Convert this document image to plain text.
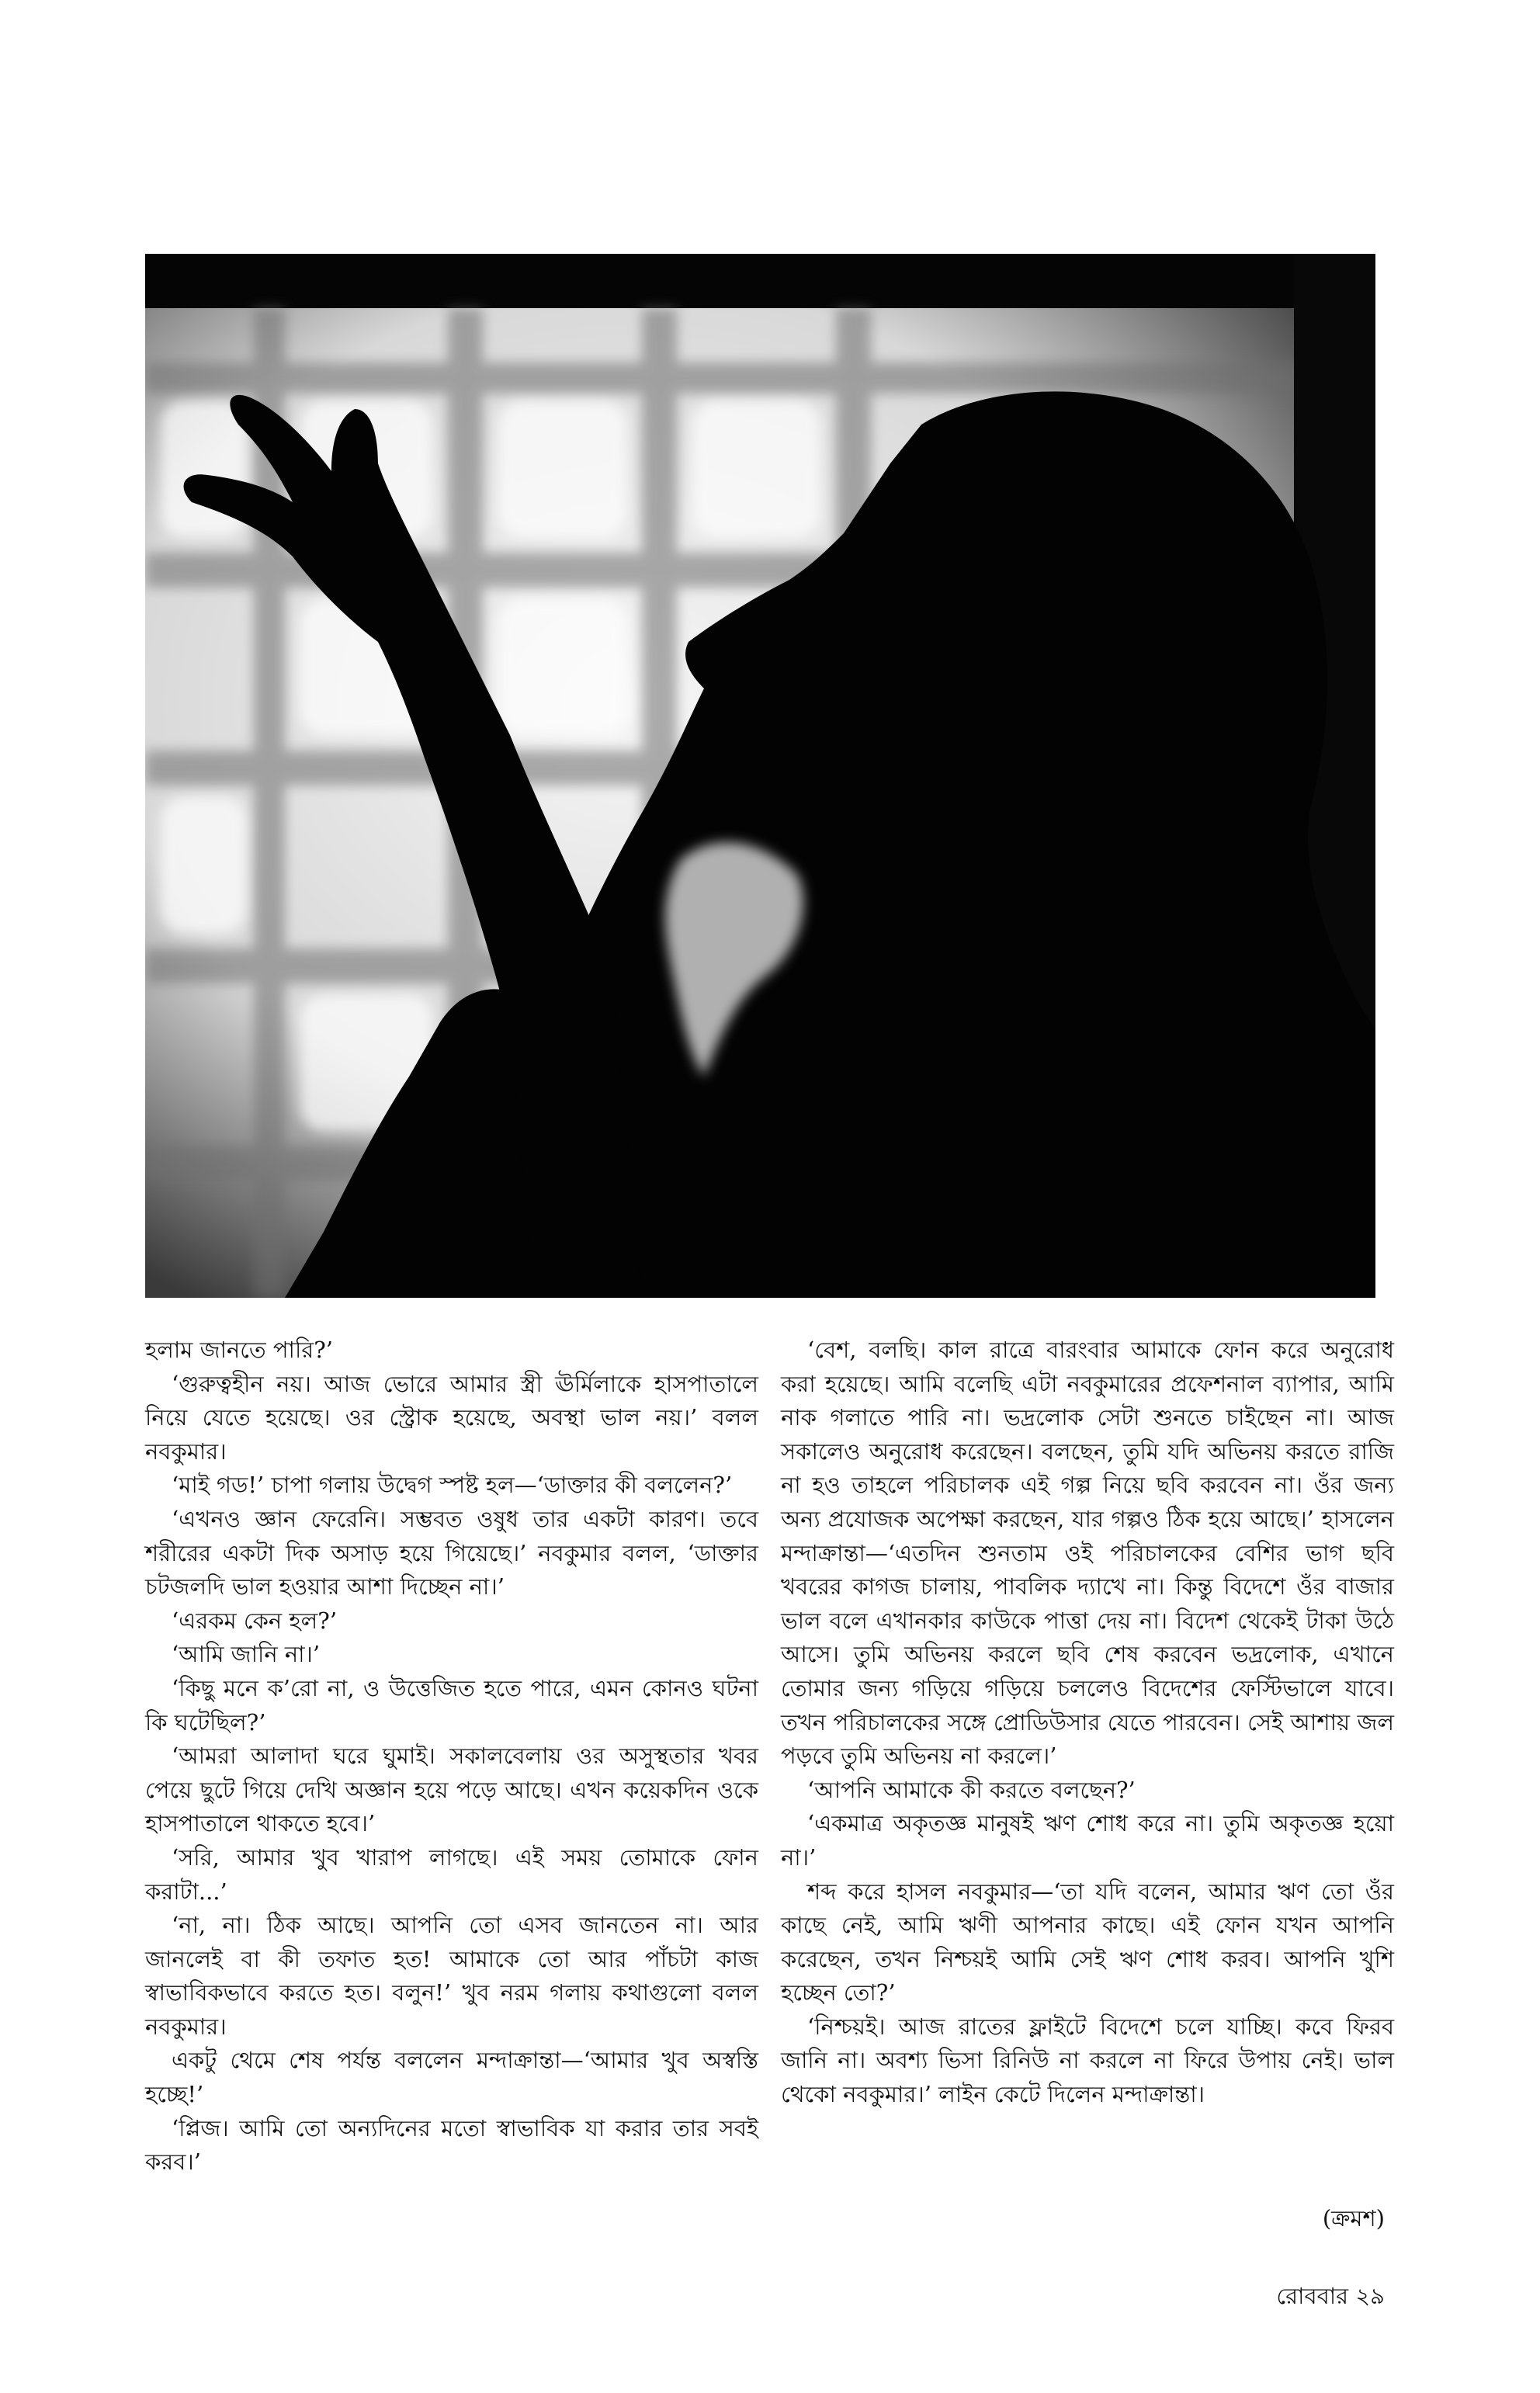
হলাম জানতে পারি?’

‘গুরুত্বহীন নয়। আজ ভোরে আমার স্ত্রী ঊর্মিলাকে হাসপাতালে নিয়ে যেতে হয়েছে। ওর স্ট্রোক হয়েছে, অবস্থা ভাল নয়।’ বলল নবকুমার।

‘মাই গড!’ চাপা গলায় উদ্বেগ স্পষ্ট হল—‘ডাক্তার কী বললেন?’

‘এখনও জ্ঞান ফেরেনি। সম্ভবত ওষুধ তার একটা কারণ। তবে শরীরের একটা দিক অসাড় হয়ে গিয়েছে।’ নবকুমার বলল, ‘ডাক্তার চটজলদি ভাল হওয়ার আশা দিচ্ছেন না।’

‘এরকম কেন হল?’

‘আমি জানি না।’

‘কিছু মনে ক’রো না, ও উত্তেজিত হতে পারে, এমন কোনও ঘটনা কি ঘটেছিল?’

‘আমরা আলাদা ঘরে ঘুমাই। সকালবেলায় ওর অসুস্থতার খবর পেয়ে ছুটে গিয়ে দেখি অজ্ঞান হয়ে পড়ে আছে। এখন কয়েকদিন ওকে হাসপাতালে থাকতে হবে।’

‘সরি, আমার খুব খারাপ লাগছে। এই সময় তোমাকে ফোন করাটা...’

‘না, না। ঠিক আছে। আপনি তো এসব জানতেন না। আর জানলেই বা কী তফাত হত! আমাকে তো আর পাঁচটা কাজ স্বাভাবিকভাবে করতে হত। বলুন!’ খুব নরম গলায় কথাগুলো বলল নবকুমার।

একটু থেমে শেষ পর্যন্ত বললেন মন্দাক্রান্তা—‘আমার খুব অস্বস্তি হচ্ছে!’

‘প্লিজ। আমি তো অন্যদিনের মতো স্বাভাবিক যা করার তার সবই করব।’

‘বেশ, বলছি। কাল রাত্রে বারংবার আমাকে ফোন করে অনুরোধ করা হয়েছে। আমি বলেছি এটা নবকুমারের প্রফেশনাল ব্যাপার, আমি নাক গলাতে পারি না। ভদ্রলোক সেটা শুনতে চাইছেন না। আজ সকালেও অনুরোধ করেছেন। বলছেন, তুমি যদি অভিনয় করতে রাজি না হও তাহলে পরিচালক এই গল্প নিয়ে ছবি করবেন না। ওঁর জন্য অন্য প্রযোজক অপেক্ষা করছেন, যার গল্পও ঠিক হয়ে আছে।’ হাসলেন মন্দাক্রান্তা—‘এতদিন শুনতাম ওই পরিচালকের বেশির ভাগ ছবি খবরের কাগজ চালায়, পাবলিক দ্যাখে না। কিন্তু বিদেশে ওঁর বাজার ভাল বলে এখানকার কাউকে পাত্তা দেয় না। বিদেশ থেকেই টাকা উঠে আসে। তুমি অভিনয় করলে ছবি শেষ করবেন ভদ্রলোক, এখানে তোমার জন্য গড়িয়ে গড়িয়ে চললেও বিদেশের ফেস্টিভালে যাবে। তখন পরিচালকের সঙ্গে প্রোডিউসার যেতে পারবেন। সেই আশায় জল পড়বে তুমি অভিনয় না করলে।’

‘আপনি আমাকে কী করতে বলছেন?’

‘একমাত্র অকৃতজ্ঞ মানুষই ঋণ শোধ করে না। তুমি অকৃতজ্ঞ হয়ো না।’

শব্দ করে হাসল নবকুমার—‘তা যদি বলেন, আমার ঋণ তো ওঁর কাছে নেই, আমি ঋণী আপনার কাছে। এই ফোন যখন আপনি করেছেন, তখন নিশ্চয়ই আমি সেই ঋণ শোধ করব। আপনি খুশি হচ্ছেন তো?’

‘নিশ্চয়ই। আজ রাতের ফ্লাইটে বিদেশে চলে যাচ্ছি। কবে ফিরব জানি না। অবশ্য ভিসা রিনিউ না করলে না ফিরে উপায় নেই। ভাল থেকো নবকুমার।’ লাইন কেটে দিলেন মন্দাক্রান্তা।

(ক্রমশ)
রোববার ২৯
